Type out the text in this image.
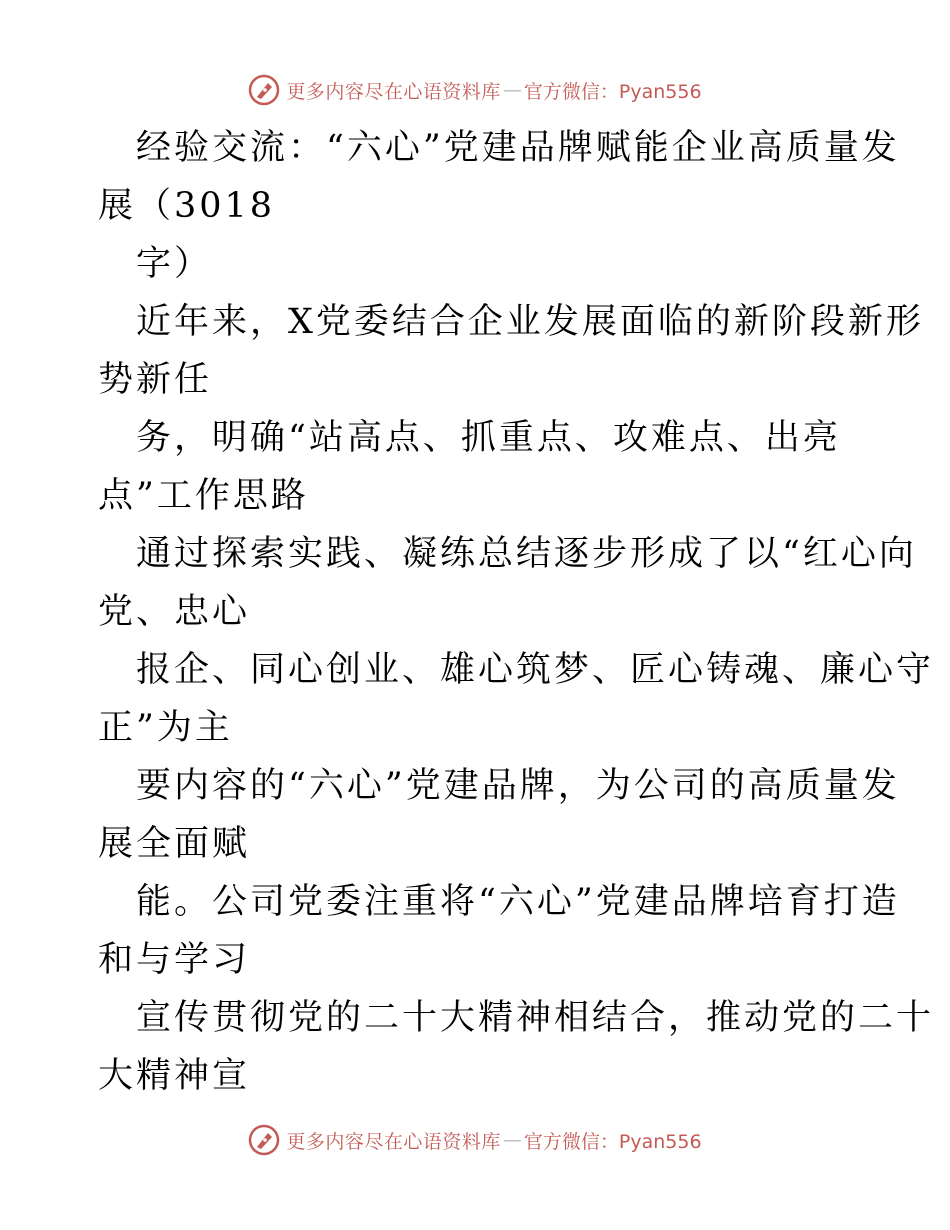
更多内容尽在心语资料库 — 官方微信：Pyan556
经验交流：“六心”党建品牌赋能企业高质量发
展（3018
字）
近年来，X党委结合企业发展面临的新阶段新形
势新任
务，明确“站高点、抓重点、攻难点、出亮
点”工作思路
通过探索实践、凝练总结逐步形成了以“红心向
党、忠心
报企、同心创业、雄心筑梦、匠心铸魂、廉心守
正”为主
要内容的“六心”党建品牌，为公司的高质量发
展全面赋
能。公司党委注重将“六心”党建品牌培育打造
和与学习
宣传贯彻党的二十大精神相结合，推动党的二十
大精神宣
更多内容尽在心语资料库 — 官方微信：Pyan556
